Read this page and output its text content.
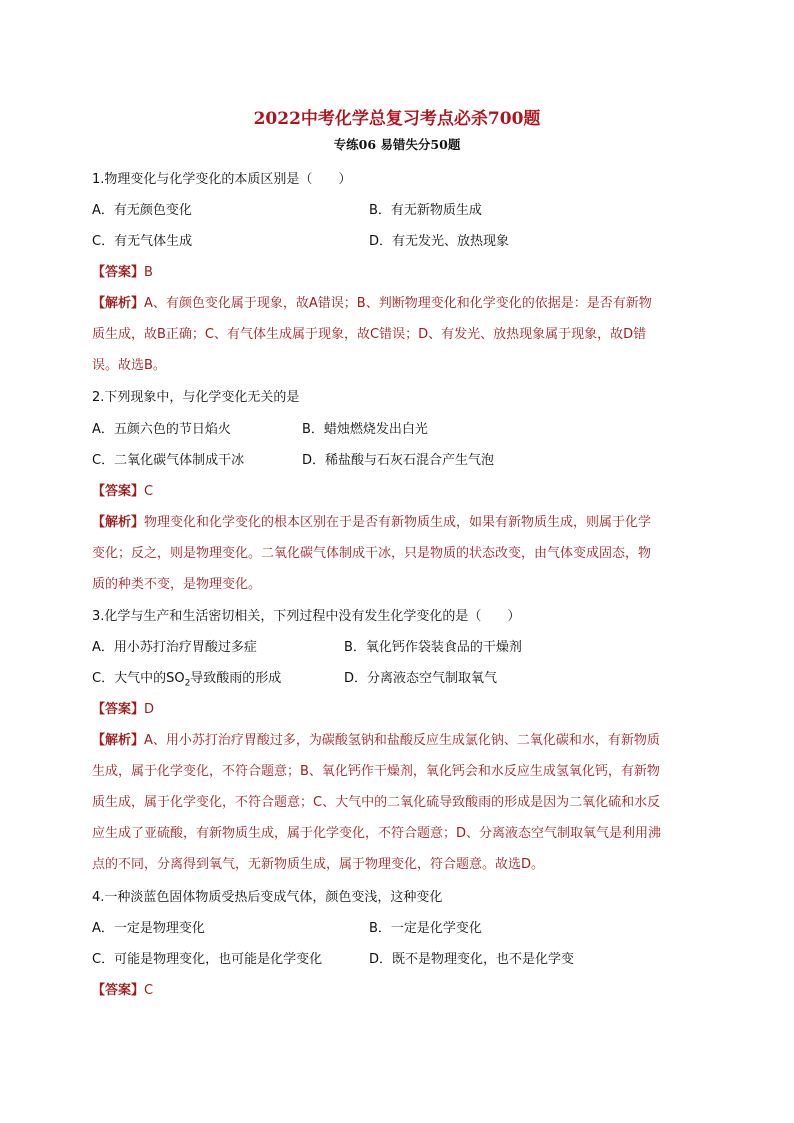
2022中考化学总复习考点必杀700题
专练06 易错失分50题
1.物理变化与化学变化的本质区别是（　　）
A．有无颜色变化	B．有无新物质生成
C．有无气体生成	D．有无发光、放热现象
【答案】B
【解析】A、有颜色变化属于现象，故A错误；B、判断物理变化和化学变化的依据是：是否有新物
质生成，故B正确；C、有气体生成属于现象，故C错误；D、有发光、放热现象属于现象，故D错
误。故选B。
2.下列现象中，与化学变化无关的是
A．五颜六色的节日焰火	B．蜡烛燃烧发出白光
C．二氧化碳气体制成干冰	D．稀盐酸与石灰石混合产生气泡
【答案】C
【解析】物理变化和化学变化的根本区别在于是否有新物质生成，如果有新物质生成，则属于化学
变化；反之，则是物理变化。二氧化碳气体制成干冰，只是物质的状态改变，由气体变成固态，物
质的种类不变，是物理变化。
3.化学与生产和生活密切相关，下列过程中没有发生化学变化的是（　　）
A．用小苏打治疗胃酸过多症	B．氧化钙作袋装食品的干燥剂
C．大气中的$SO_2$导致酸雨的形成	D．分离液态空气制取氧气
【答案】D
【解析】A、用小苏打治疗胃酸过多，为碳酸氢钠和盐酸反应生成氯化钠、二氧化碳和水，有新物质
生成，属于化学变化，不符合题意；B、氧化钙作干燥剂，氧化钙会和水反应生成氢氧化钙，有新物
质生成，属于化学变化，不符合题意；C、大气中的二氧化硫导致酸雨的形成是因为二氧化硫和水反
应生成了亚硫酸，有新物质生成，属于化学变化，不符合题意；D、分离液态空气制取氧气是利用沸
点的不同，分离得到氧气，无新物质生成，属于物理变化，符合题意。故选D。
4.一种淡蓝色固体物质受热后变成气体，颜色变浅，这种变化
A．一定是物理变化	B．一定是化学变化
C．可能是物理变化，也可能是化学变化	D．既不是物理变化，也不是化学变
【答案】C
